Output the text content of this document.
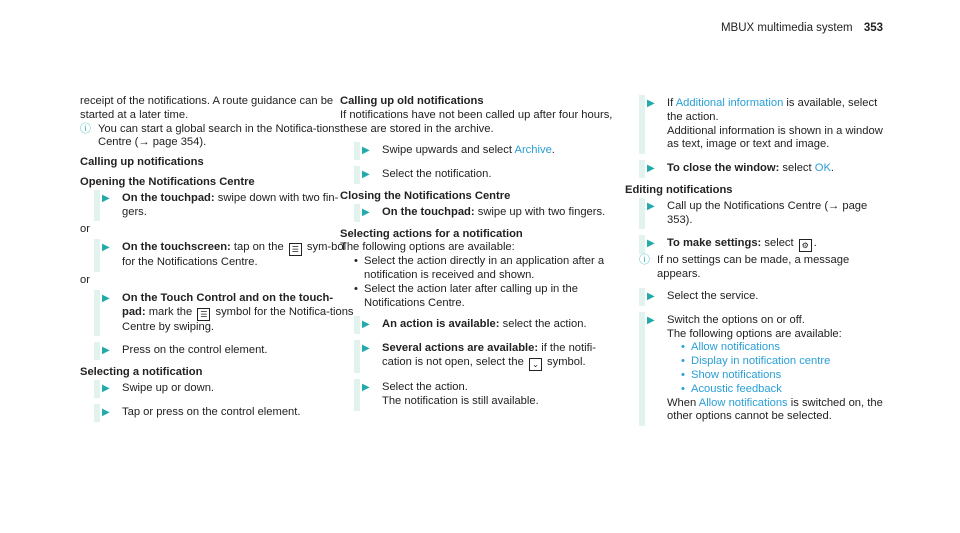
MBUX multimedia system 353

receipt of the notifications. A route guidance can be started at a later time.

ⓘ You can start a global search in the Notifica-tions Centre (→ page 354).
Calling up notifications
Opening the Notifications Centre
▶ On the touchpad: swipe down with two fin-gers.

or

▶ On the touchscreen: tap on the ☰ sym-bol for the Notifications Centre.

or

▶ On the Touch Control and on the touch-pad: mark the ☰ symbol for the Notifica-tions Centre by swiping.
▶ Press on the control element.
Selecting a notification
▶ Swipe up or down.
▶ Tap or press on the control element.
Calling up old notifications

If notifications have not been called up after four hours, these are stored in the archive.

▶ Swipe upwards and select Archive.
▶ Select the notification.
Closing the Notifications Centre
▶ On the touchpad: swipe up with two fingers.
Selecting actions for a notification

The following options are available:

• Select the action directly in an application after a notification is received and shown.
• Select the action later after calling up in the Notifications Centre.
▶ An action is available: select the action.
▶ Several actions are available: if the notifi-cation is not open, select the ⌄ symbol.
▶ Select the action.
The notification is still available.
▶ If Additional information is available, select the action.
Additional information is shown in a window as text, image or text and image.
▶ To close the window: select OK.
Editing notifications
▶ Call up the Notifications Centre (→ page 353).
▶ To make settings: select ⚙ .
ⓘ If no settings can be made, a message appears.
▶ Select the service.
▶ Switch the options on or off.
The following options are available:
• Allow notifications
• Display in notification centre
• Show notifications
• Acoustic feedback
When Allow notifications is switched on, the other options cannot be selected.
